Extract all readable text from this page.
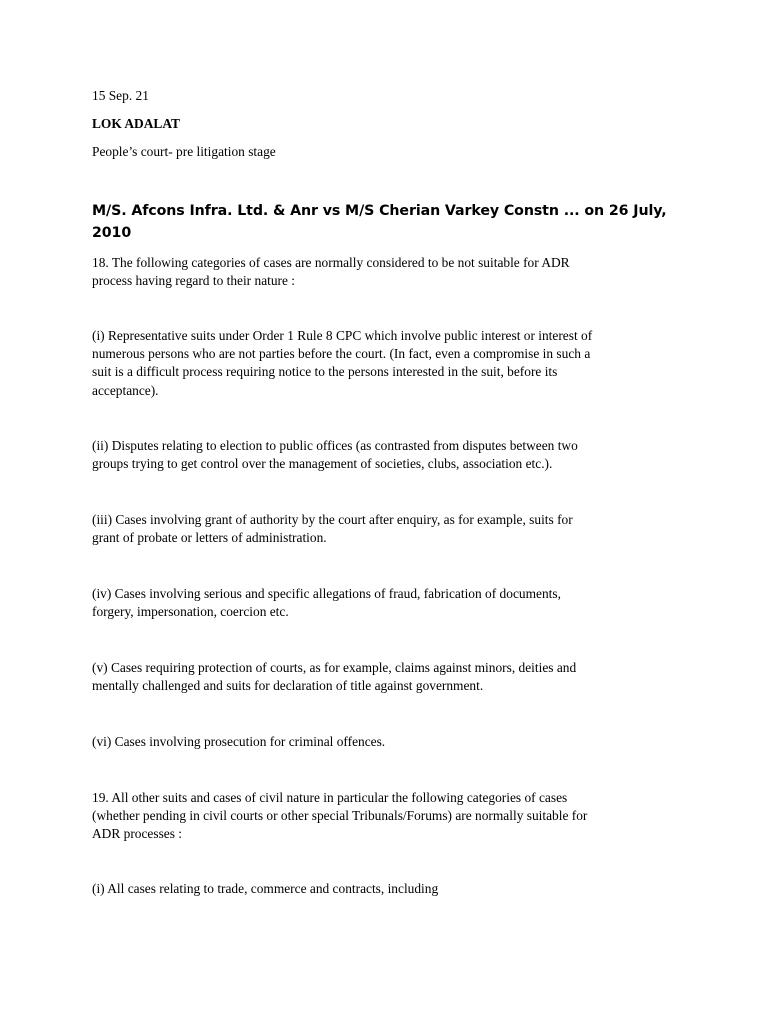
15 Sep. 21

LOK ADALAT

People’s court- pre litigation stage

M/S. Afcons Infra. Ltd. & Anr vs M/S Cherian Varkey Constn ... on 26 July,
2010
18. The following categories of cases are normally considered to be not suitable for ADR
process having regard to their nature :
(i) Representative suits under Order 1 Rule 8 CPC which involve public interest or interest of
numerous persons who are not parties before the court. (In fact, even a compromise in such a
suit is a difficult process requiring notice to the persons interested in the suit, before its
acceptance).
(ii) Disputes relating to election to public offices (as contrasted from disputes between two
groups trying to get control over the management of societies, clubs, association etc.).
(iii) Cases involving grant of authority by the court after enquiry, as for example, suits for
grant of probate or letters of administration.
(iv) Cases involving serious and specific allegations of fraud, fabrication of documents,
forgery, impersonation, coercion etc.
(v) Cases requiring protection of courts, as for example, claims against minors, deities and
mentally challenged and suits for declaration of title against government.
(vi) Cases involving prosecution for criminal offences.
19. All other suits and cases of civil nature in particular the following categories of cases
(whether pending in civil courts or other special Tribunals/Forums) are normally suitable for
ADR processes :
(i) All cases relating to trade, commerce and contracts, including
